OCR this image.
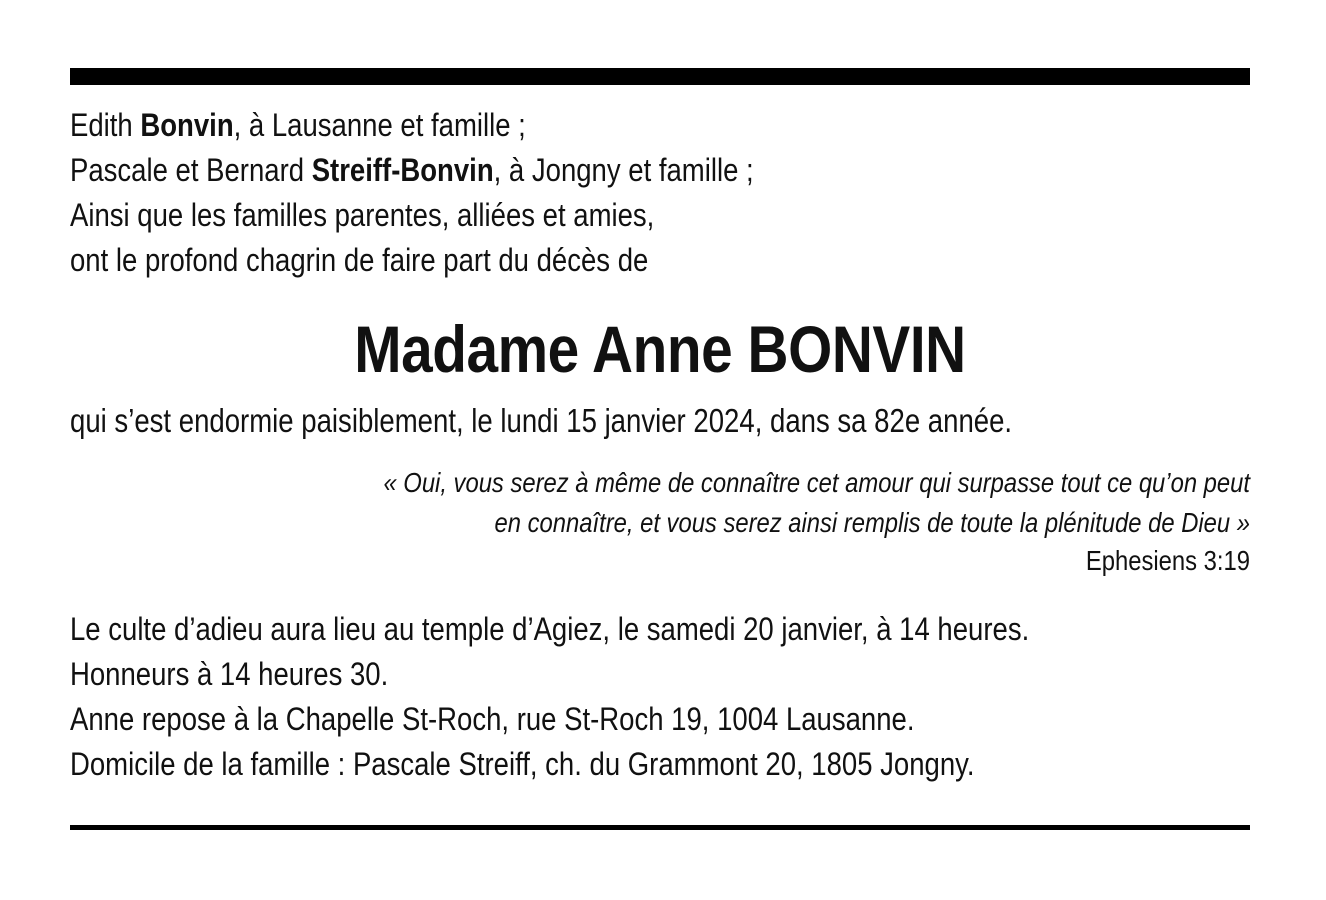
Edith Bonvin, à Lausanne et famille ;
Pascale et Bernard Streiff-Bonvin, à Jongny et famille ;
Ainsi que les familles parentes, alliées et amies,
ont le profond chagrin de faire part du décès de
Madame Anne BONVIN
qui s’est endormie paisiblement, le lundi 15 janvier 2024, dans sa 82e année.
« Oui, vous serez à même de connaître cet amour qui surpasse tout ce qu’on peut
en connaître, et vous serez ainsi remplis de toute la plénitude de Dieu »
Ephesiens 3:19
Le culte d’adieu aura lieu au temple d’Agiez, le samedi 20 janvier, à 14 heures.
Honneurs à 14 heures 30.
Anne repose à la Chapelle St-Roch, rue St-Roch 19, 1004 Lausanne.
Domicile de la famille : Pascale Streiff, ch. du Grammont 20, 1805 Jongny.
